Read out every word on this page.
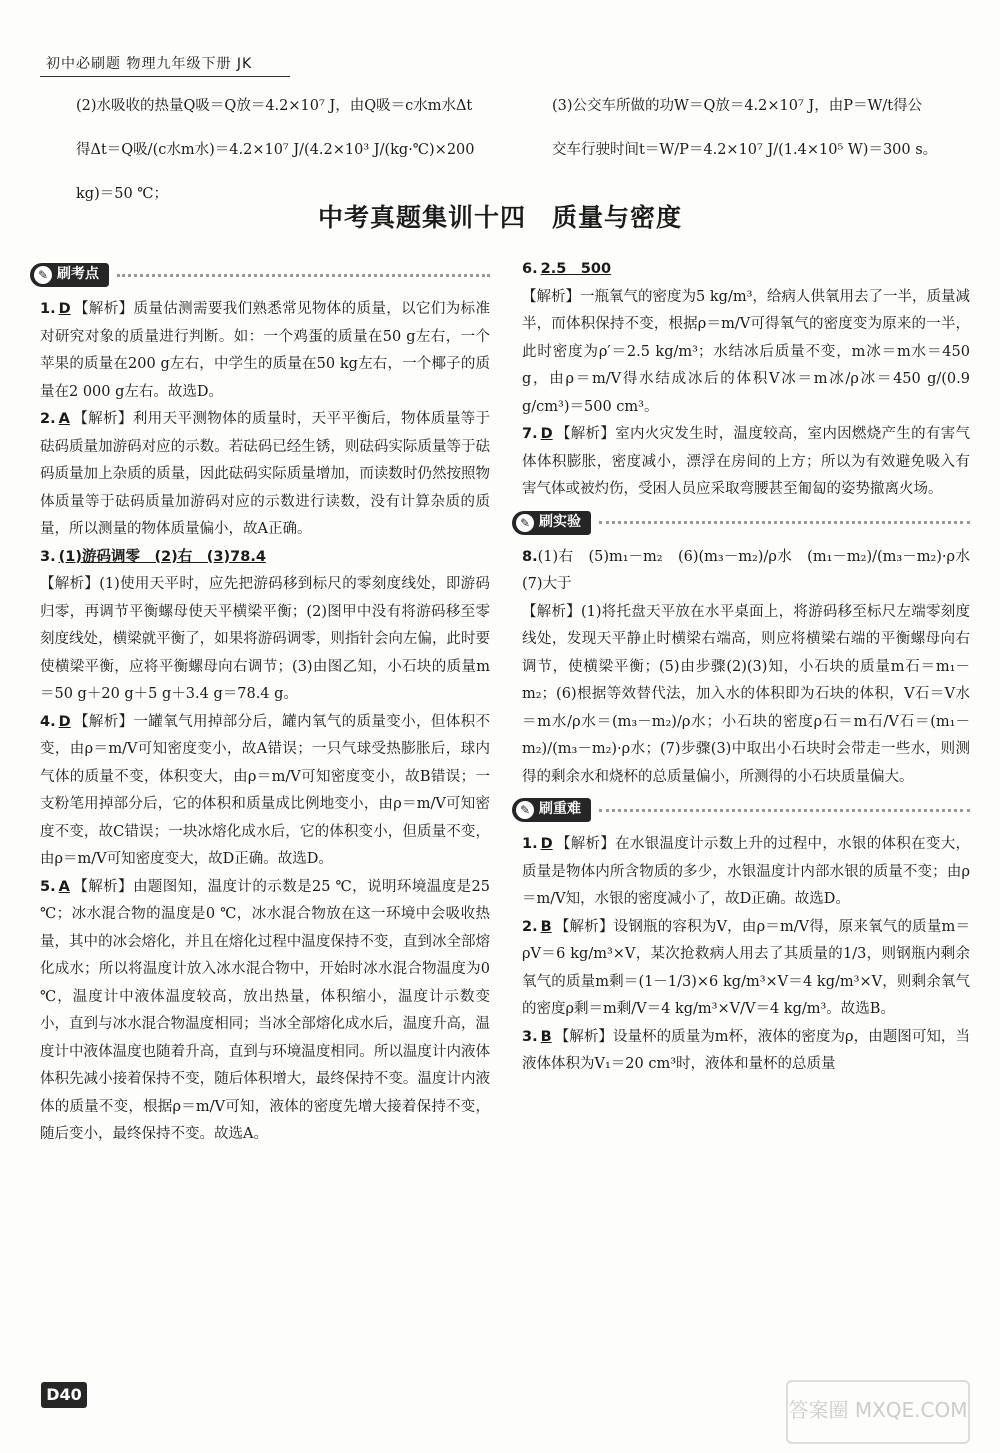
初中必刷题 物理九年级下册 JK
(2)水吸收的热量Q吸＝Q放＝4.2×10⁷ J，由Q吸＝c水m水Δt
得Δt＝Q吸/(c水m水)＝4.2×10⁷ J/(4.2×10³ J/(kg·℃)×200 kg)＝50 ℃；
(3)公交车所做的功W＝Q放＝4.2×10⁷ J，由P＝W/t得公
交车行驶时间t＝W/P＝4.2×10⁷ J/(1.4×10⁵ W)＝300 s。
中考真题集训十四　质量与密度
✎ 刷考点

1. D 【解析】质量估测需要我们熟悉常见物体的质量，以它们为标准对研究对象的质量进行判断。如：一个鸡蛋的质量在50 g左右，一个苹果的质量在200 g左右，中学生的质量在50 kg左右，一个椰子的质量在2 000 g左右。故选D。

2. A 【解析】利用天平测物体的质量时，天平平衡后，物体质量等于砝码质量加游码对应的示数。若砝码已经生锈，则砝码实际质量等于砝码质量加上杂质的质量，因此砝码实际质量增加，而读数时仍然按照物体质量等于砝码质量加游码对应的示数进行读数，没有计算杂质的质量，所以测量的物体质量偏小，故A正确。

3. (1)游码调零　(2)右　(3)78.4
【解析】(1)使用天平时，应先把游码移到标尺的零刻度线处，即游码归零，再调节平衡螺母使天平横梁平衡；(2)图甲中没有将游码移至零刻度线处，横梁就平衡了，如果将游码调零，则指针会向左偏，此时要使横梁平衡，应将平衡螺母向右调节；(3)由图乙知，小石块的质量m＝50 g＋20 g＋5 g＋3.4 g＝78.4 g。

4. D 【解析】一罐氧气用掉部分后，罐内氧气的质量变小，但体积不变，由ρ＝m/V可知密度变小，故A错误；一只气球受热膨胀后，球内气体的质量不变，体积变大，由ρ＝m/V可知密度变小，故B错误；一支粉笔用掉部分后，它的体积和质量成比例地变小，由ρ＝m/V可知密度不变，故C错误；一块冰熔化成水后，它的体积变小，但质量不变，由ρ＝m/V可知密度变大，故D正确。故选D。

5. A 【解析】由题图知，温度计的示数是25 ℃，说明环境温度是25 ℃；冰水混合物的温度是0 ℃，冰水混合物放在这一环境中会吸收热量，其中的冰会熔化，并且在熔化过程中温度保持不变，直到冰全部熔化成水；所以将温度计放入冰水混合物中，开始时冰水混合物温度为0 ℃，温度计中液体温度较高，放出热量，体积缩小，温度计示数变小，直到与冰水混合物温度相同；当冰全部熔化成水后，温度升高，温度计中液体温度也随着升高，直到与环境温度相同。所以温度计内液体体积先减小接着保持不变，随后体积增大，最终保持不变。温度计内液体的质量不变，根据ρ＝m/V可知，液体的密度先增大接着保持不变，随后变小，最终保持不变。故选A。

6. 2.5　500
【解析】一瓶氧气的密度为5 kg/m³，给病人供氧用去了一半，质量减半，而体积保持不变，根据ρ＝m/V可得氧气的密度变为原来的一半，此时密度为ρ′＝2.5 kg/m³；水结冰后质量不变，m冰＝m水＝450 g，由ρ＝m/V得水结成冰后的体积V冰＝m冰/ρ冰＝450 g/(0.9 g/cm³)＝500 cm³。

7. D 【解析】室内火灾发生时，温度较高，室内因燃烧产生的有害气体体积膨胀，密度减小，漂浮在房间的上方；所以为有效避免吸入有害气体或被灼伤，受困人员应采取弯腰甚至匍匐的姿势撤离火场。

✎ 刷实验

8.(1)右　(5)m₁－m₂　(6)(m₃－m₂)/ρ水　(m₁－m₂)/(m₃－m₂)·ρ水　(7)大于
【解析】(1)将托盘天平放在水平桌面上，将游码移至标尺左端零刻度线处，发现天平静止时横梁右端高，则应将横梁右端的平衡螺母向右调节，使横梁平衡；(5)由步骤(2)(3)知，小石块的质量m石＝m₁－m₂；(6)根据等效替代法，加入水的体积即为石块的体积，V石＝V水＝m水/ρ水＝(m₃－m₂)/ρ水；小石块的密度ρ石＝m石/V石＝(m₁－m₂)/(m₃－m₂)·ρ水；(7)步骤(3)中取出小石块时会带走一些水，则测得的剩余水和烧杯的总质量偏小，所测得的小石块质量偏大。

✎ 刷重难

1. D 【解析】在水银温度计示数上升的过程中，水银的体积在变大，质量是物体内所含物质的多少，水银温度计内部水银的质量不变；由ρ＝m/V知，水银的密度减小了，故D正确。故选D。

2. B 【解析】设钢瓶的容积为V，由ρ＝m/V得，原来氧气的质量m＝ρV＝6 kg/m³×V，某次抢救病人用去了其质量的1/3，则钢瓶内剩余氧气的质量m剩＝(1－1/3)×6 kg/m³×V＝4 kg/m³×V，则剩余氧气的密度ρ剩＝m剩/V＝4 kg/m³×V/V＝4 kg/m³。故选B。

3. B 【解析】设量杯的质量为m杯，液体的密度为ρ，由题图可知，当液体体积为V₁＝20 cm³时，液体和量杯的总质量

D40
答案圈 MXQE.COM
